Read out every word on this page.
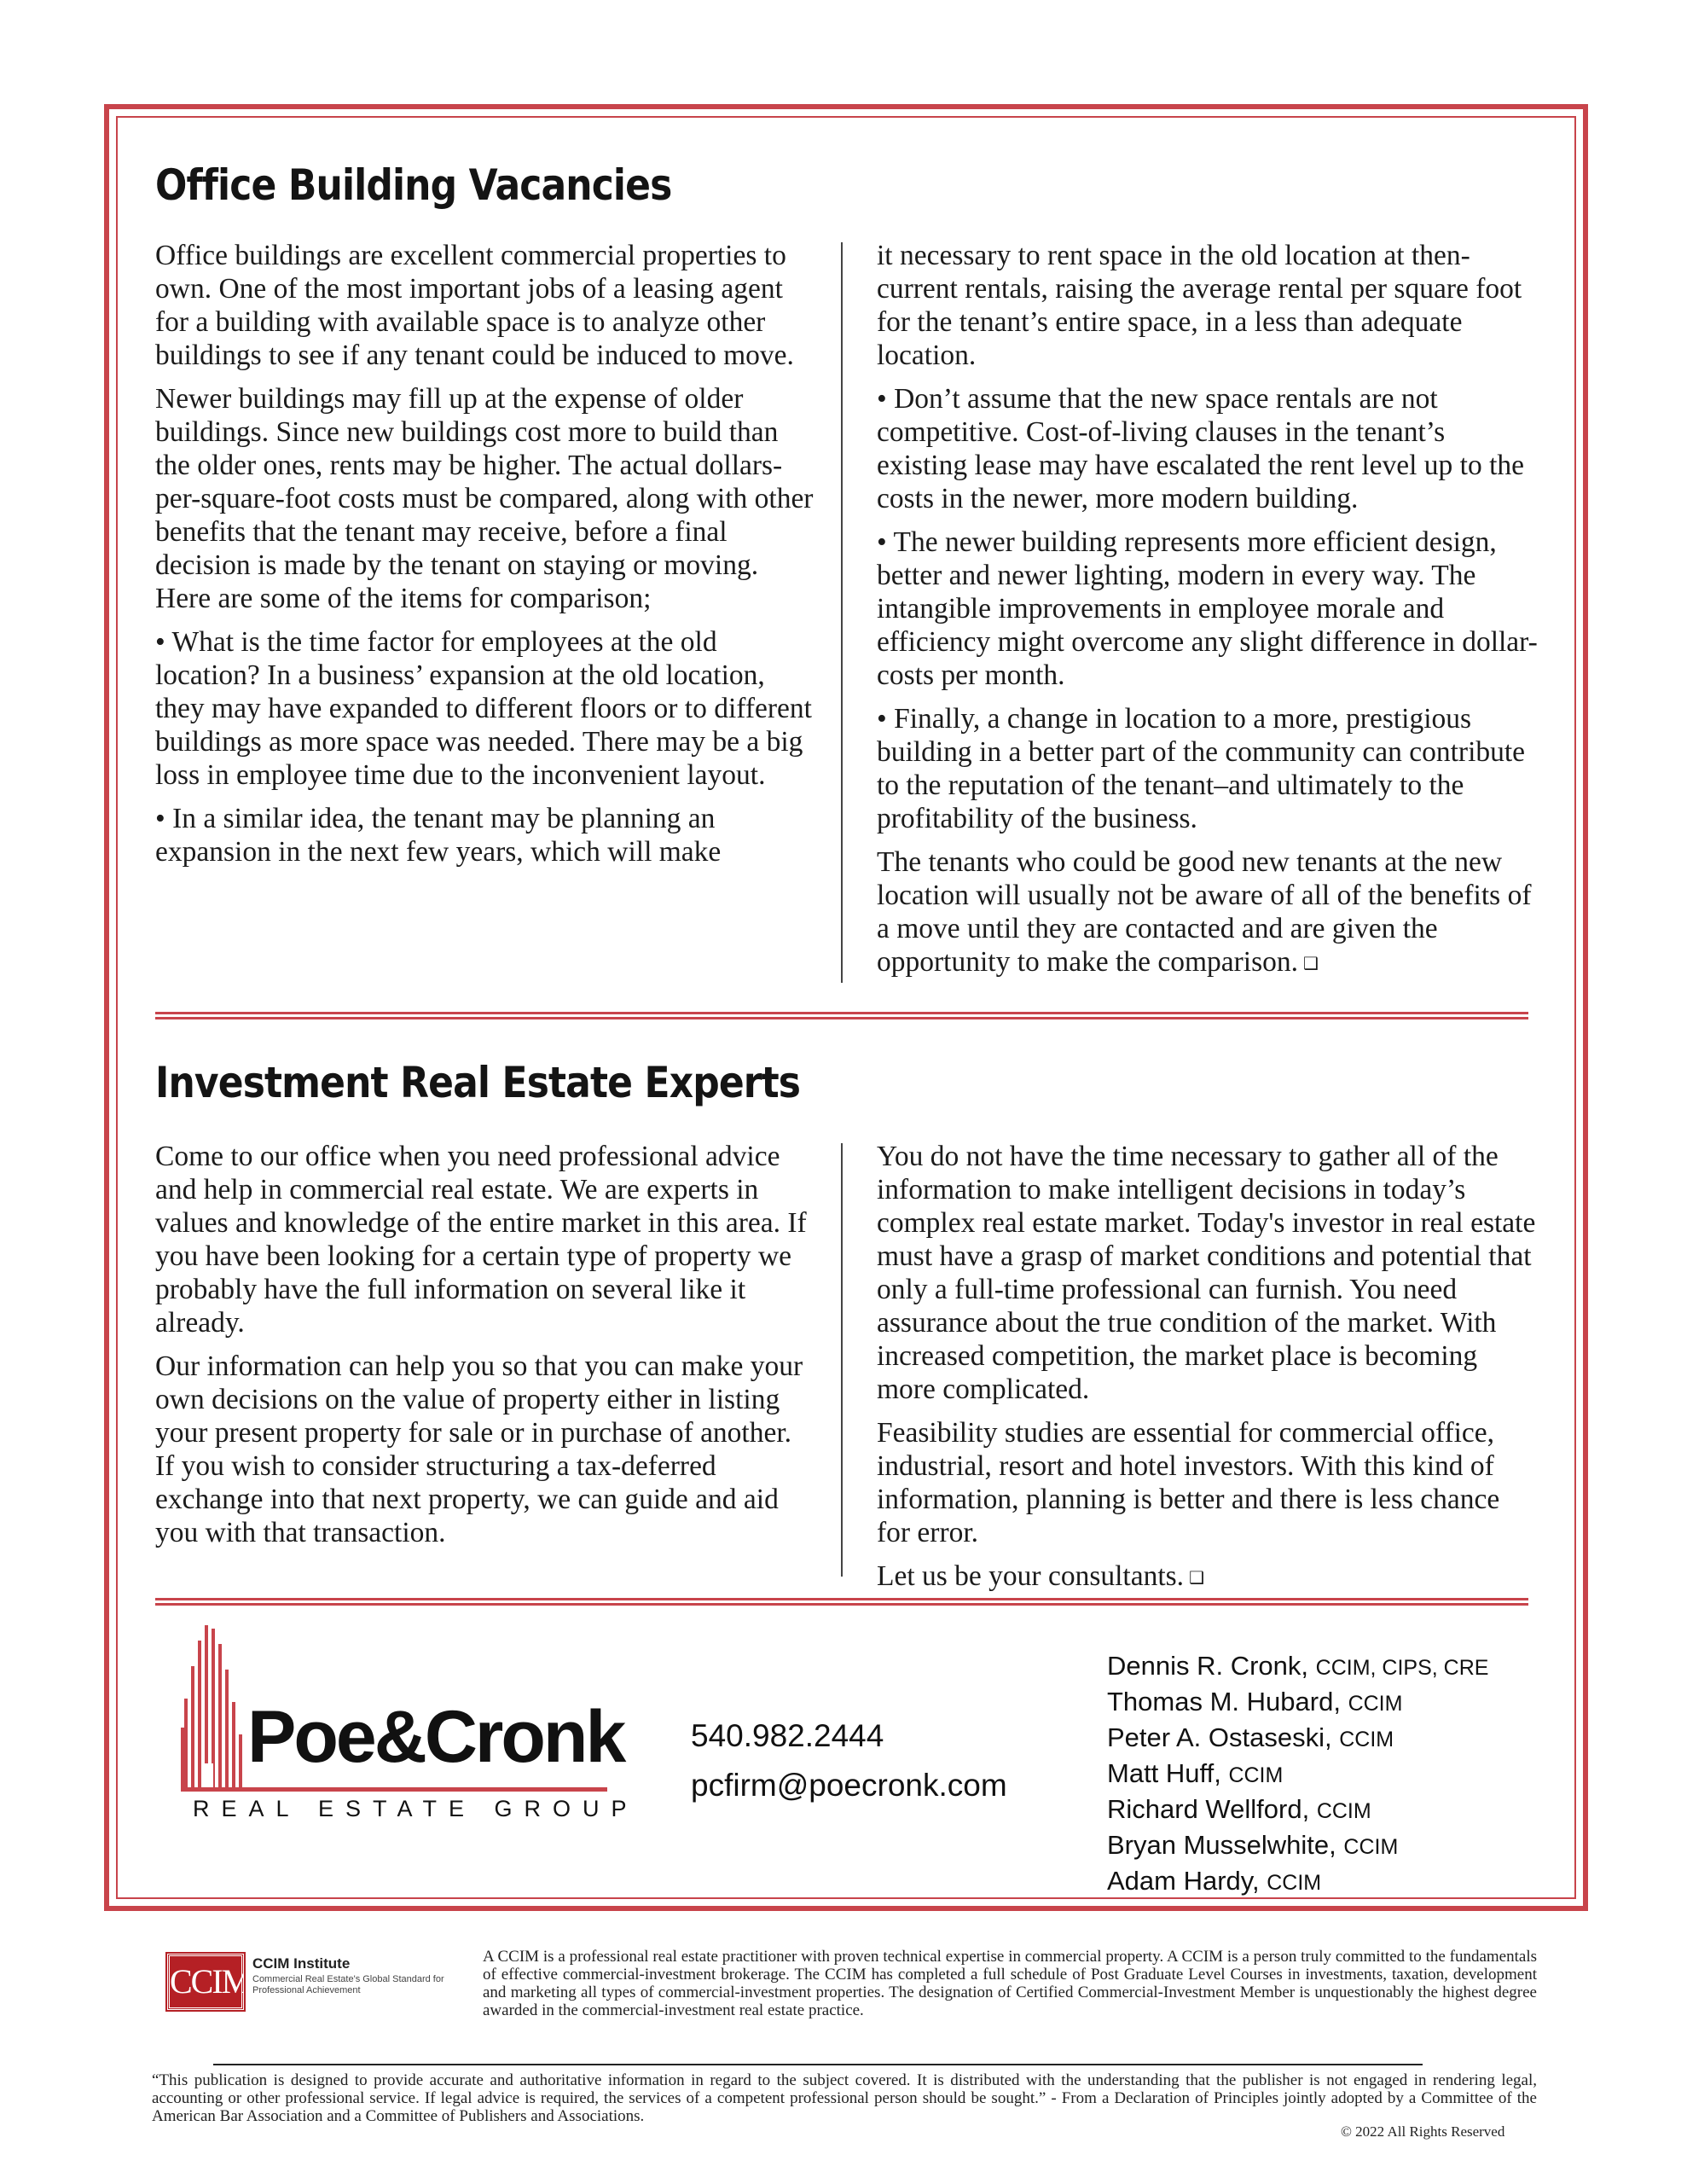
Office Building Vacancies

Office buildings are excellent commercial properties to own. One of the most important jobs of a leasing agent for a building with available space is to analyze other buildings to see if any tenant could be induced to move.

Newer buildings may fill up at the expense of older buildings. Since new buildings cost more to build than the older ones, rents may be higher. The actual dollars-per-square-foot costs must be compared, along with other benefits that the tenant may receive, before a final decision is made by the tenant on staying or moving. Here are some of the items for comparison;

• What is the time factor for employees at the old location? In a business’ expansion at the old location, they may have expanded to different floors or to different buildings as more space was needed. There may be a big loss in employee time due to the inconvenient layout.

• In a similar idea, the tenant may be planning an expansion in the next few years, which will make

it necessary to rent space in the old location at then-current rentals, raising the average rental per square foot for the tenant’s entire space, in a less than adequate location.

• Don’t assume that the new space rentals are not competitive. Cost-of-living clauses in the tenant’s existing lease may have escalated the rent level up to the costs in the newer, more modern building.

• The newer building represents more efficient design, better and newer lighting, modern in every way. The intangible improvements in employee morale and efficiency might overcome any slight difference in dollar-costs per month.

• Finally, a change in location to a more, prestigious building in a better part of the community can contribute to the reputation of the tenant–and ultimately to the profitability of the business.

The tenants who could be good new tenants at the new location will usually not be aware of all of the benefits of a move until they are contacted and are given the opportunity to make the comparison. ❑

Investment Real Estate Experts

Come to our office when you need professional advice and help in commercial real estate. We are experts in values and knowledge of the entire market in this area. If you have been looking for a certain type of property we probably have the full information on several like it already.

Our information can help you so that you can make your own decisions on the value of property either in listing your present property for sale or in purchase of another. If you wish to consider structuring a tax-deferred exchange into that next property, we can guide and aid you with that transaction.

You do not have the time necessary to gather all of the information to make intelligent decisions in today’s complex real estate market. Today's investor in real estate must have a grasp of market conditions and potential that only a full-time professional can furnish. You need assurance about the true condition of the market. With increased competition, the market place is becoming more complicated.

Feasibility studies are essential for commercial office, industrial, resort and hotel investors. With this kind of information, planning is better and there is less chance for error.

Let us be your consultants. ❑

Poe&Cronk
REAL ESTATE GROUP
540.982.2444
pcfirm@poecronk.com
Dennis R. Cronk, CCIM, CIPS, CRE
Thomas M. Hubard, CCIM
Peter A. Ostaseski, CCIM
Matt Huff, CCIM
Richard Wellford, CCIM
Bryan Musselwhite, CCIM
Adam Hardy, CCIM
CCIM CCIM Institute
Commercial Real Estate's Global Standard for Professional Achievement
A CCIM is a professional real estate practitioner with proven technical expertise in commercial property. A CCIM is a person truly committed to the fundamentals of effective commercial-investment brokerage. The CCIM has completed a full schedule of Post Graduate Level Courses in investments, taxation, development and marketing all types of commercial-investment properties. The designation of Certified Commercial-Investment Member is unquestionably the highest degree awarded in the commercial-investment real estate practice.
“This publication is designed to provide accurate and authoritative information in regard to the subject covered. It is distributed with the understanding that the publisher is not engaged in rendering legal, accounting or other professional service. If legal advice is required, the services of a competent professional person should be sought.” - From a Declaration of Principles jointly adopted by a Committee of the American Bar Association and a Committee of Publishers and Associations.
© 2022 All Rights Reserved
